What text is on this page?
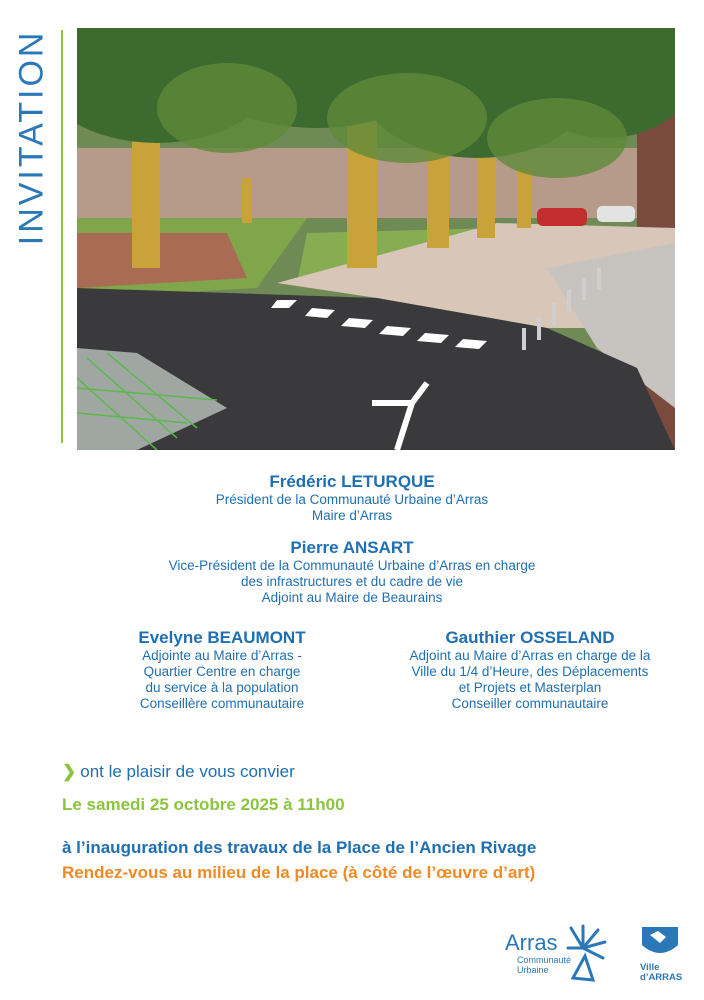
INVITATION
Frédéric LETURQUE
Président de la Communauté Urbaine d’Arras
Maire d’Arras
Pierre ANSART
Vice-Président de la Communauté Urbaine d’Arras en charge
des infrastructures et du cadre de vie
Adjoint au Maire de Beaurains
Evelyne BEAUMONT
Adjointe au Maire d’Arras -
Quartier Centre en charge
du service à la population
Conseillère communautaire
Gauthier OSSELAND
Adjoint au Maire d’Arras en charge de la
Ville du 1/4 d’Heure, des Déplacements
et Projets et Masterplan
Conseiller communautaire
❯ ont le plaisir de vous convier
Le samedi 25 octobre 2025 à 11h00
à l’inauguration des travaux de la Place de l’Ancien Rivage
Rendez-vous au milieu de la place (à côté de l’œuvre d’art)
Arras
Communauté
Urbaine	Ville
d’ARRAS
